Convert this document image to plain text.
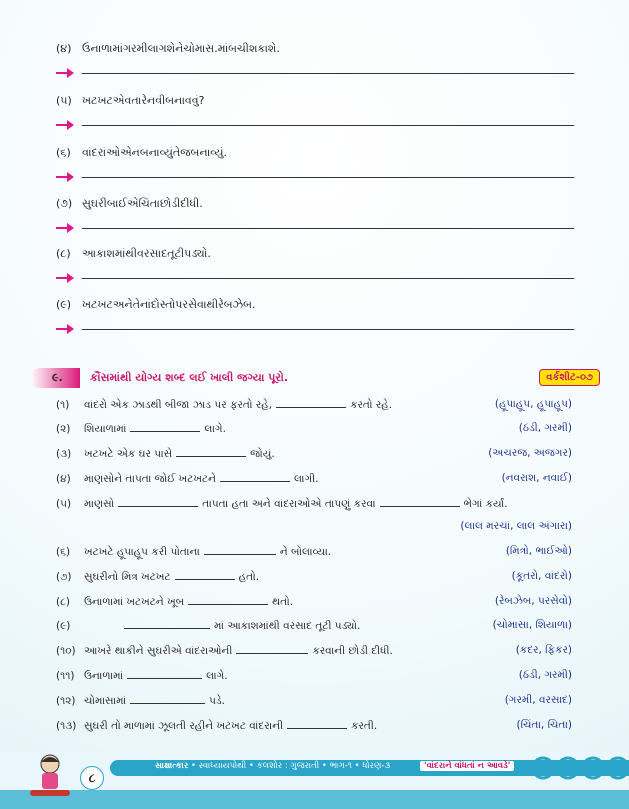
(૪) ઉનાળામાંગરમીલાગશેનેચોમાસ.માંબચીશકાશે.
(૫) ખટખટએવતારેનવીબનાવવું?
(૬) વાંદરાંઓએનબનાવ્યુંતેજબનાવ્યું.
(૭) સુઘરીબાઈએચિંતાછોડીદીધી.
(૮) આકાશમાંથીવરસાદતૂટીપડ્યો.
(૯) ખટખટઅનેતેનાંદોસ્તોપરસેવાથીરેબઝેબ.
૯. કૌંસમાંથી યોગ્ય શબ્દ લઈ ખાલી જગ્યા પૂરો.	વર્કશીટ-૦૭
(૧) વાંદરો એક ઝાડથી બીજા ઝાડ પર ફરતો રહે,	કરતો રહે.	(હૂપાહૂપ, હૂપાહૂપ)
(૨) શિયાળામાં	લાગે.	(ઠંડી, ગરમી)
(૩) ખટખટે એક ઘર પાસે	જોયું.	(અચરજ, અજગર)
(૪) માણસોને તાપતા જોઈ ખટખટને	લાગી.	(નવરાશ, નવાઈ)
(૫) માણસો	તાપતા હતા અને વાંદરાઓએ તાપણું કરવા	ભેગાં કર્યાં.
(લાલ મરચાં, લાલ અંગારા)
(૬) ખટખટે હૂપાહૂપ કરી પોતાના	ને બોલાવ્યા.	(મિત્રો, ભાઈઓ)
(૭) સુઘરીનો મિત્ર ખટખટ	હતો.	(કૂતરો, વાંદરો)
(૮) ઉનાળામાં ખટખટને ખૂબ	થતો.	(રેબઝેબ, પરસેવો)
(૯)	માં આકાશમાંથી વરસાદ તૂટી પડ્યો.	(ચોમાસા, શિયાળા)
(૧૦) આખરે થાકીને સુઘરીએ વાંદરાઓની	કરવાની છોડી દીધી.	(કદર, ફિકર)
(૧૧) ઉનાળામાં	લાગે.	(ઠંડી, ગરમી)
(૧૨) ચોમાસામાં	પડે.	(ગરમી, વરસાદ)
(૧૩) સુઘરી તો માળામાં ઝૂલતી રહીને ખટખટ વાંદરાની	કરતી.	(ચિંતા, ચિતા)
સાક્ષાત્કાર • સ્વાધ્યાયપોથી • કલશોર : ગુજરાતી • ભાગ-૧ • ધોરણ-૩	'વાંદરાને વાંધતાં ન આવડે'
૮
